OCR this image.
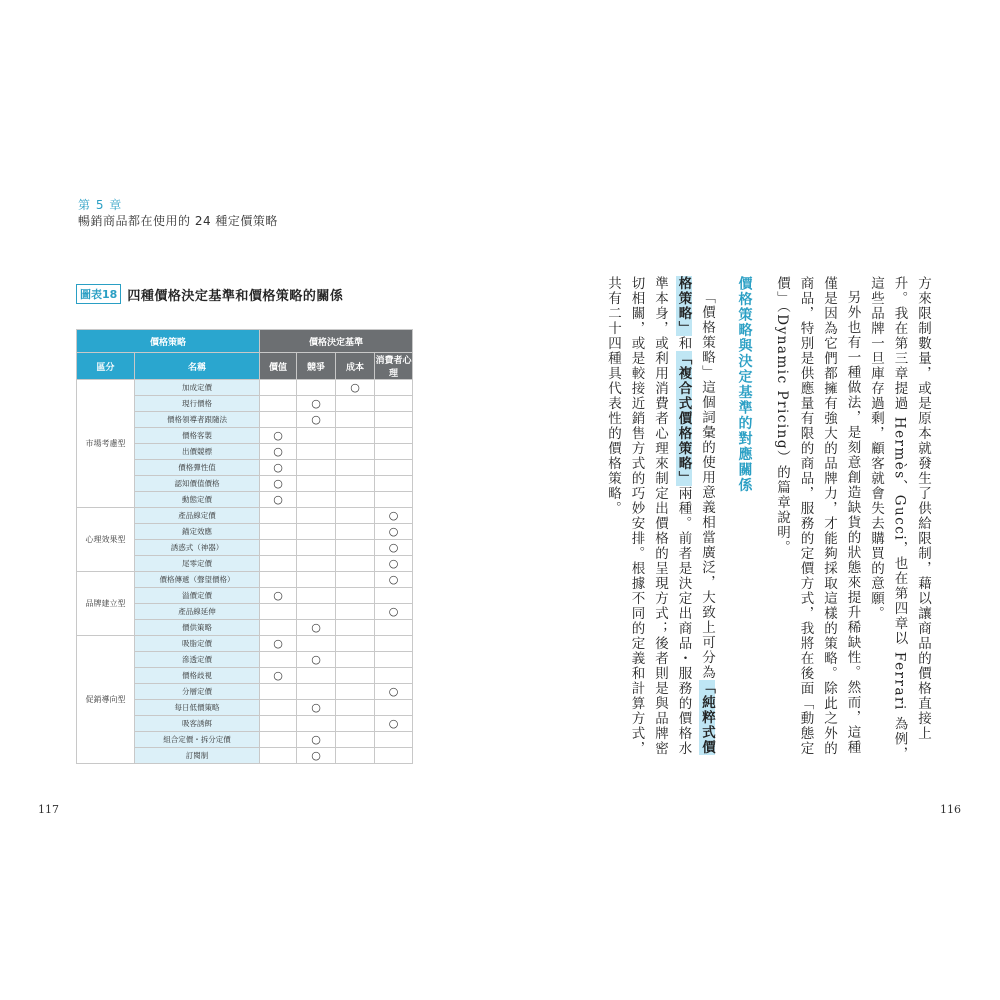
第 5 章
暢銷商品都在使用的 24 種定價策略
圖表18 四種價格決定基準和價格策略的關係
價格策略		價格決定基準			
區分	名稱	價值	競爭	成本	消費者心理
市場考慮型	加成定價			○	
	現行價格		○		
	價格領導者跟隨法		○		
	價格客製	○			
	出價競標	○			
	價格彈性值	○			
	認知價值價格	○			
	動態定價	○			
心理效果型	產品線定價				○
	錨定效應				○
	誘惑式（神器）				○
	尾零定價				○
品牌建立型	價格傳遞（聲望價格）				○
	溢價定價	○			
	產品線延伸				○
	價供策略		○		
促銷導向型	吸脂定價	○			
	滲透定價		○		
	價格歧視	○			
	分層定價				○
	每日低價策略		○		
	吸客誘餌				○
	組合定價・拆分定價		○		
	訂閱制		○		
117	116

方來限制數量，或是原本就發生了供給限制，藉以讓商品的價格直接上升。我在第三章提過 Hermès、Gucci，也在第四章以 Ferrari 為例，這些品牌一旦庫存過剩，顧客就會失去購買的意願。

另外也有一種做法，是刻意創造缺貨的狀態來提升稀缺性。然而，這種僅是因為它們都擁有強大的品牌力，才能夠採取這樣的策略。除此之外的商品，特別是供應量有限的商品，服務的定價方式，我將在後面「動態定價」（Dynamic Pricing）的篇章說明。

價格策略與決定基準的對應關係

「價格策略」這個詞彙的使用意義相當廣泛，大致上可分為「純粹式價格策略」和「複合式價格策略」兩種。前者是決定出商品・服務的價格水準本身，或利用消費者心理來制定出價格的呈現方式；後者則是與品牌密切相關，或是較接近銷售方式的巧妙安排。根據不同的定義和計算方式，共有二十四種具代表性的價格策略。
